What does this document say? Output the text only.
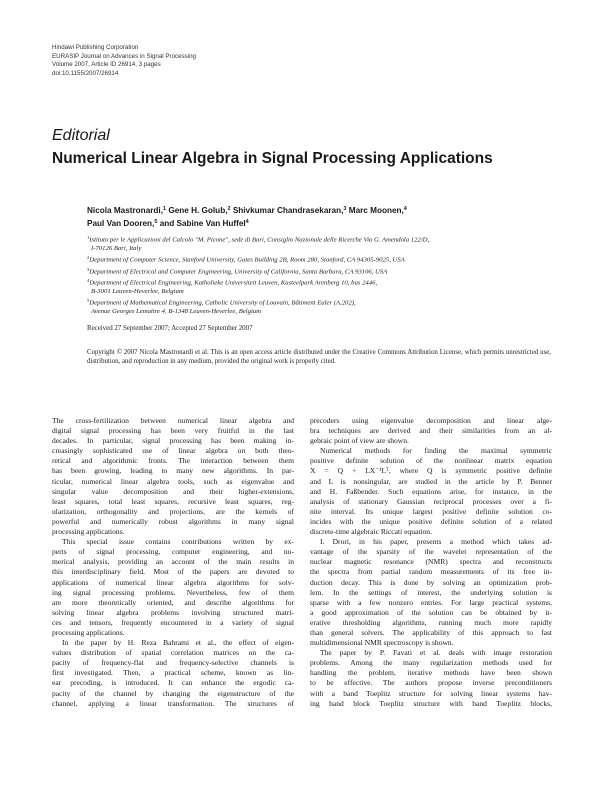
Hindawi Publishing Corporation
EURASIP Journal on Advances in Signal Processing
Volume 2007, Article ID 26914, 3 pages
doi:10.1155/2007/26914
Editorial
Numerical Linear Algebra in Signal Processing Applications
Nicola Mastronardi,$^1$ Gene H. Golub,$^2$ Shivkumar Chandrasekaran,$^3$ Marc Moonen,$^4$
Paul Van Dooren,$^5$ and Sabine Van Huffel$^4$
$^1$Istituto per le Applicazioni del Calcolo "M. Picone", sede di Bari, Consiglio Nazionale delle Ricerche Via G. Amendola 122/D,
I-70126 Bari, Italy
$^2$Department of Computer Science, Stanford University, Gates Building 2B, Room 280, Stanford, CA 94305-9025, USA
$^3$Department of Electrical and Computer Engineering, University of California, Santa Barbara, CA 93106, USA
$^4$Department of Electrical Engineering, Katholieke Universiteit Leuven, Kasteelpark Arenberg 10, bus 2446,
B-3001 Leuven-Heverlee, Belgium
$^5$Department of Mathematical Engineering, Catholic University of Louvain, Bâtiment Euler (A.202),
Avenue Georges Lemaitre 4, B-1348 Leuven-Heverlee, Belgium
Received 27 September 2007; Accepted 27 September 2007
Copyright © 2007 Nicola Mastronardi et al. This is an open access article distributed under the Creative Commons Attribution License, which permits unrestricted use, distribution, and reproduction in any medium, provided the original work is properly cited.
The cross-fertilization between numerical linear algebra and
digital signal processing has been very fruitful in the last
decades. In particular, signal processing has been making in-
creasingly sophisticated use of linear algebra on both theo-
retical and algorithmic fronts. The interaction between them
has been growing, leading to many new algorithms. In par-
ticular, numerical linear algebra tools, such as eigenvalue and
singular value decomposition and their higher-extensions,
least squares, total least squares, recursive least squares, reg-
ularization, orthogonality and projections, are the kernels of
powerful and numerically robust algorithms in many signal
processing applications.
This special issue contains contributions written by ex-
perts of signal processing, computer engineering, and nu-
merical analysis, providing an account of the main results in
this interdisciplinary field. Most of the papers are devoted to
applications of numerical linear algebra algorithms for solv-
ing signal processing problems. Nevertheless, few of them
are more theoretically oriented, and describe algorithms for
solving linear algebra problems involving structured matri-
ces and tensors, frequently encountered in a variety of signal
processing applications.
In the paper by H. Reza Bahrami et al., the effect of eigen-
values distribution of spatial correlation matrices on the ca-
pacity of frequency-flat and frequency-selective channels is
first investigated. Then, a practical scheme, known as lin-
ear precoding, is introduced. It can enhance the ergodic ca-
pacity of the channel by changing the eigenstructure of the
channel, applying a linear transformation. The structures of
precoders using eigenvalue decomposition and linear alge-
bra techniques are derived and their similarities from an al-
gebraic point of view are shown.
Numerical methods for finding the maximal symmetric
positive definite solution of the nonlinear matrix equation
X = Q + LX⁻¹Lᵀ, where Q is symmetric positive definite
and L is nonsingular, are studied in the article by P. Benner
and H. Faßbender. Such equations arise, for instance, in the
analysis of stationary Gaussian reciprocal processes over a fi-
nite interval. Its unique largest positive definite solution co-
incides with the unique positive definite solution of a related
discrete-time algebraic Riccati equation.
I. Drori, in his paper, presents a method which takes ad-
vantage of the sparsity of the wavelet representation of the
nuclear magnetic resonance (NMR) spectra and reconstructs
the spectra from partial random measurements of its free in-
duction decay. This is done by solving an optimization prob-
lem. In the settings of interest, the underlying solution is
sparse with a few nonzero entries. For large practical systems,
a good approximation of the solution can be obtained by it-
erative thresholding algorithms, running much more rapidly
than general solvers. The applicability of this approach to fast
multidimensional NMR spectroscopy is shown.
The paper by P. Favati et al. deals with image restoration
problems. Among the many regularization methods used for
handling the problem, iterative methods have been shown
to be effective. The authors propose inverse preconditioners
with a band Toeplitz structure for solving linear systems hav-
ing band block Toeplitz structure with band Toeplitz blocks,
